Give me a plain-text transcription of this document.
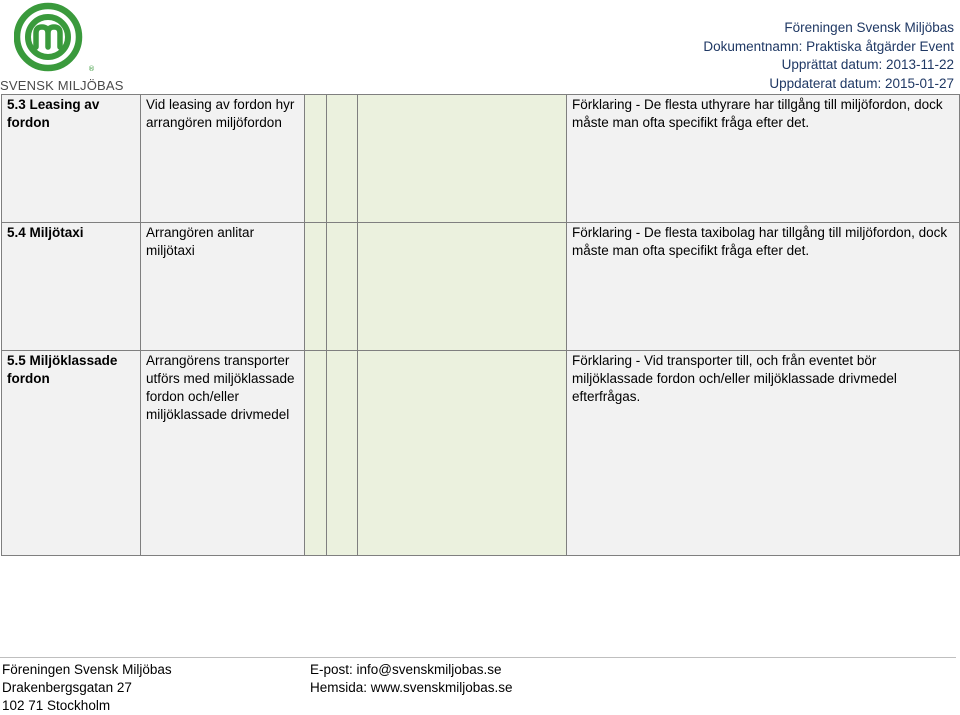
®
SVENSK MILJÖBAS
Föreningen Svensk Miljöbas
Dokumentnamn: Praktiska åtgärder Event
Upprättat datum: 2013-11-22
Uppdaterat datum: 2015-01-27
5.3 Leasing av fordon	Vid leasing av fordon hyr arrangören miljöfordon				Förklaring - De flesta uthyrare har tillgång till miljöfordon, dock måste man ofta specifikt fråga efter det.
5.4 Miljötaxi	Arrangören anlitar miljötaxi				Förklaring - De flesta taxibolag har tillgång till miljöfordon, dock måste man ofta specifikt fråga efter det.
5.5 Miljöklassade fordon	Arrangörens transporter utförs med miljöklassade fordon och/eller miljöklassade drivmedel				Förklaring - Vid transporter till, och från eventet bör miljöklassade fordon och/eller miljöklassade drivmedel efterfrågas.
Föreningen Svensk Miljöbas
Drakenbergsgatan 27
102 71 Stockholm
E-post: info@svenskmiljobas.se
Hemsida: www.svenskmiljobas.se
